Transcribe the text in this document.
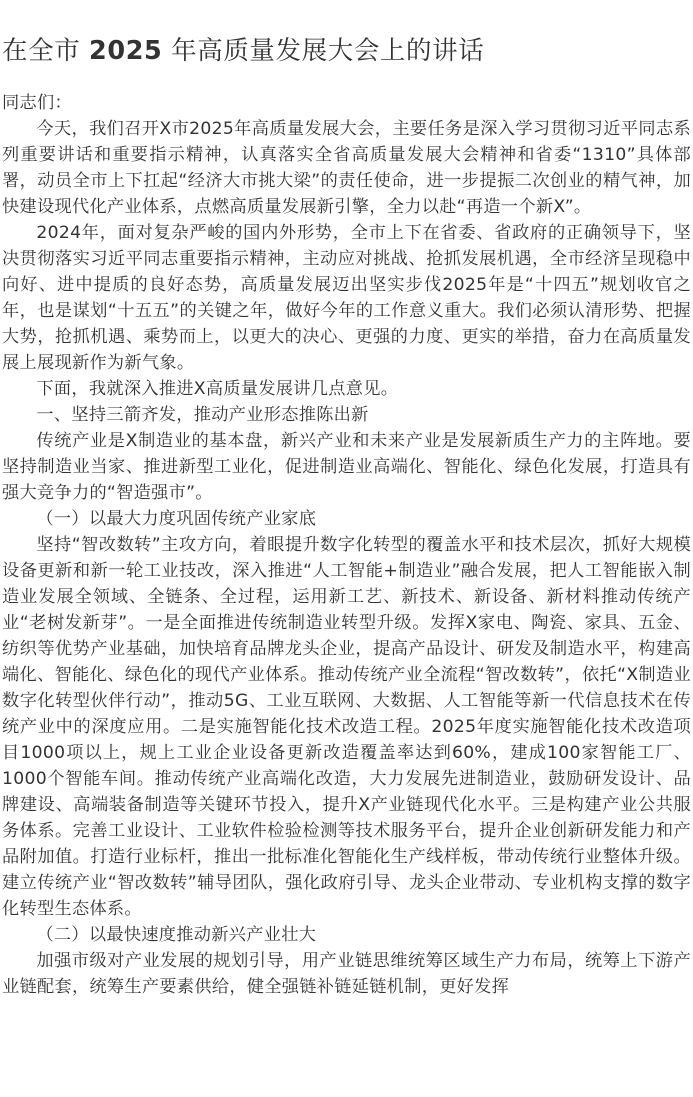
在全市 2025 年高质量发展大会上的讲话

同志们：

今天，我们召开X市2025年高质量发展大会，主要任务是深入学习贯彻习近平同志系列重要讲话和重要指示精神，认真落实全省高质量发展大会精神和省委“1310”具体部署，动员全市上下扛起“经济大市挑大梁”的责任使命，进一步提振二次创业的精气神，加快建设现代化产业体系，点燃高质量发展新引擎，全力以赴“再造一个新X”。

2024年，面对复杂严峻的国内外形势，全市上下在省委、省政府的正确领导下，坚决贯彻落实习近平同志重要指示精神，主动应对挑战、抢抓发展机遇，全市经济呈现稳中向好、进中提质的良好态势，高质量发展迈出坚实步伐2025年是“十四五”规划收官之年，也是谋划“十五五”的关键之年，做好今年的工作意义重大。我们必须认清形势、把握大势，抢抓机遇、乘势而上，以更大的决心、更强的力度、更实的举措，奋力在高质量发展上展现新作为新气象。

下面，我就深入推进X高质量发展讲几点意见。

一、坚持三箭齐发，推动产业形态推陈出新

传统产业是X制造业的基本盘，新兴产业和未来产业是发展新质生产力的主阵地。要坚持制造业当家、推进新型工业化，促进制造业高端化、智能化、绿色化发展，打造具有强大竞争力的“智造强市”。

（一）以最大力度巩固传统产业家底

坚持“智改数转”主攻方向，着眼提升数字化转型的覆盖水平和技术层次，抓好大规模设备更新和新一轮工业技改，深入推进“人工智能+制造业”融合发展，把人工智能嵌入制造业发展全领域、全链条、全过程，运用新工艺、新技术、新设备、新材料推动传统产业“老树发新芽”。一是全面推进传统制造业转型升级。发挥X家电、陶瓷、家具、五金、纺织等优势产业基础，加快培育品牌龙头企业，提高产品设计、研发及制造水平，构建高端化、智能化、绿色化的现代产业体系。推动传统产业全流程“智改数转”，依托“X制造业数字化转型伙伴行动”，推动5G、工业互联网、大数据、人工智能等新一代信息技术在传统产业中的深度应用。二是实施智能化技术改造工程。2025年度实施智能化技术改造项目1000项以上，规上工业企业设备更新改造覆盖率达到60%，建成100家智能工厂、1000个智能车间。推动传统产业高端化改造，大力发展先进制造业，鼓励研发设计、品牌建设、高端装备制造等关键环节投入，提升X产业链现代化水平。三是构建产业公共服务体系。完善工业设计、工业软件检验检测等技术服务平台，提升企业创新研发能力和产品附加值。打造行业标杆，推出一批标准化智能化生产线样板，带动传统行业整体升级。建立传统产业“智改数转”辅导团队，强化政府引导、龙头企业带动、专业机构支撑的数字化转型生态体系。

（二）以最快速度推动新兴产业壮大

加强市级对产业发展的规划引导，用产业链思维统筹区域生产力布局，统筹上下游产业链配套，统筹生产要素供给，健全强链补链延链机制，更好发挥
